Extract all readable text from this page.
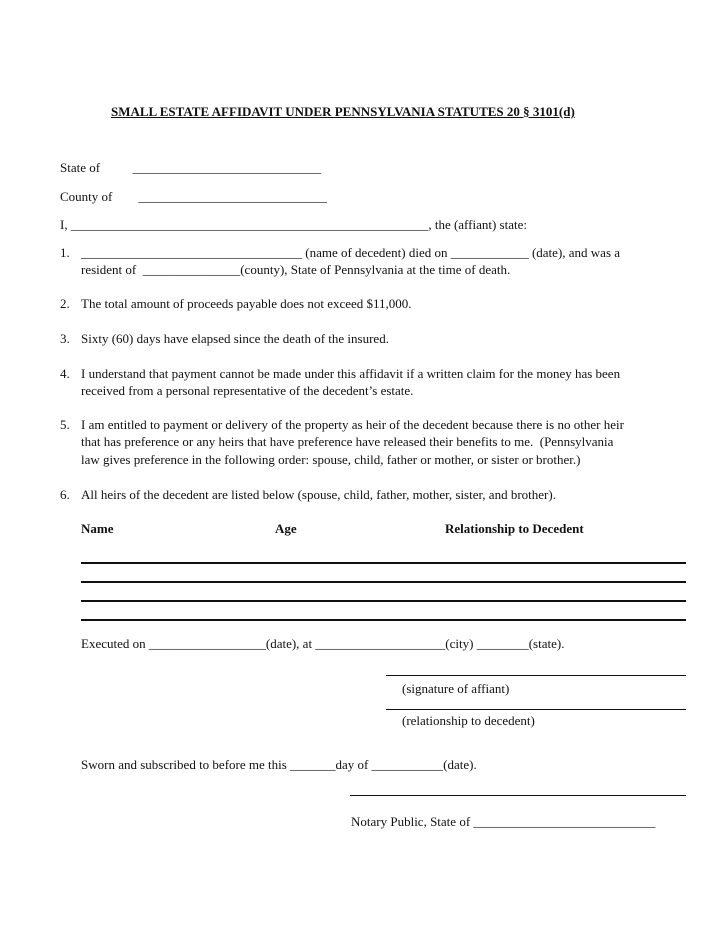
SMALL ESTATE AFFIDAVIT UNDER PENNSYLVANIA STATUTES 20 § 3101(d)
State of          _____________________________
County of        _____________________________
I, _______________________________________________________, the (affiant) state:
1. __________________________________ (name of decedent) died on ____________ (date), and was a
resident of  _______________(county), State of Pennsylvania at the time of death.
2. The total amount of proceeds payable does not exceed $11,000.
3. Sixty (60) days have elapsed since the death of the insured.
4. I understand that payment cannot be made under this affidavit if a written claim for the money has been
received from a personal representative of the decedent’s estate.
5. I am entitled to payment or delivery of the property as heir of the decedent because there is no other heir
that has preference or any heirs that have preference have released their benefits to me.  (Pennsylvania
law gives preference in the following order: spouse, child, father or mother, or sister or brother.)
6. All heirs of the decedent are listed below (spouse, child, father, mother, sister, and brother).
Name	Age	Relationship to Decedent
Executed on __________________(date), at ____________________(city) ________(state).
(signature of affiant)
(relationship to decedent)
Sworn and subscribed to before me this _______day of ___________(date).
Notary Public, State of ____________________________
